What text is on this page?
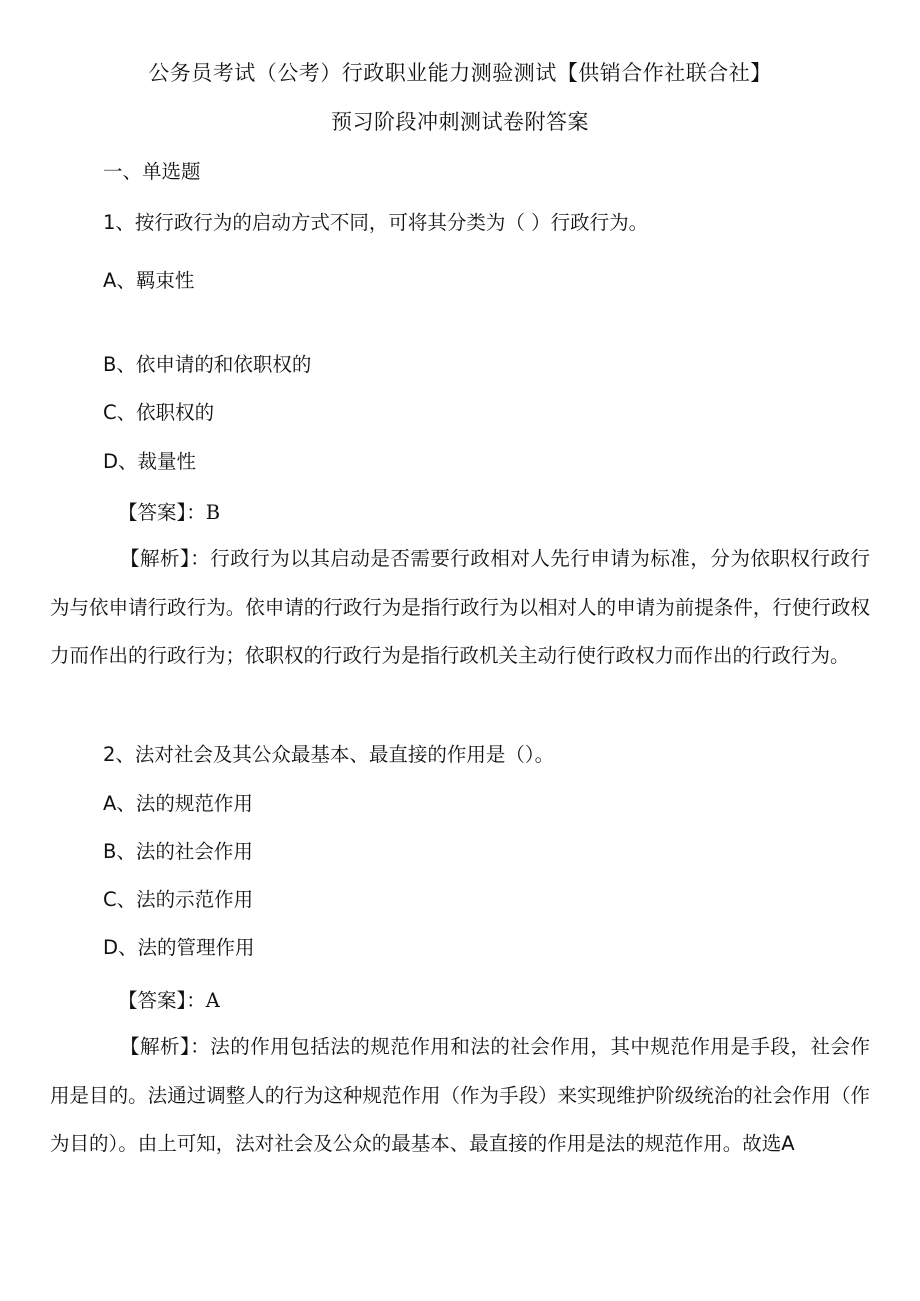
公务员考试（公考）行政职业能力测验测试【供销合作社联合社】
预习阶段冲刺测试卷附答案
一、单选题
1、按行政行为的启动方式不同，可将其分类为（ ）行政行为。
A、羁束性
B、依申请的和依职权的
C、依职权的
D、裁量性
【答案】：B
【解析】：行政行为以其启动是否需要行政相对人先行申请为标准，分为依职权行政行为与依申请行政行为。依申请的行政行为是指行政行为以相对人的申请为前提条件，行使行政权力而作出的行政行为；依职权的行政行为是指行政机关主动行使行政权力而作出的行政行为。
2、法对社会及其公众最基本、最直接的作用是（）。
A、法的规范作用
B、法的社会作用
C、法的示范作用
D、法的管理作用
【答案】：A
【解析】：法的作用包括法的规范作用和法的社会作用，其中规范作用是手段，社会作用是目的。法通过调整人的行为这种规范作用（作为手段）来实现维护阶级统治的社会作用（作为目的）。由上可知，法对社会及公众的最基本、最直接的作用是法的规范作用。故选A
